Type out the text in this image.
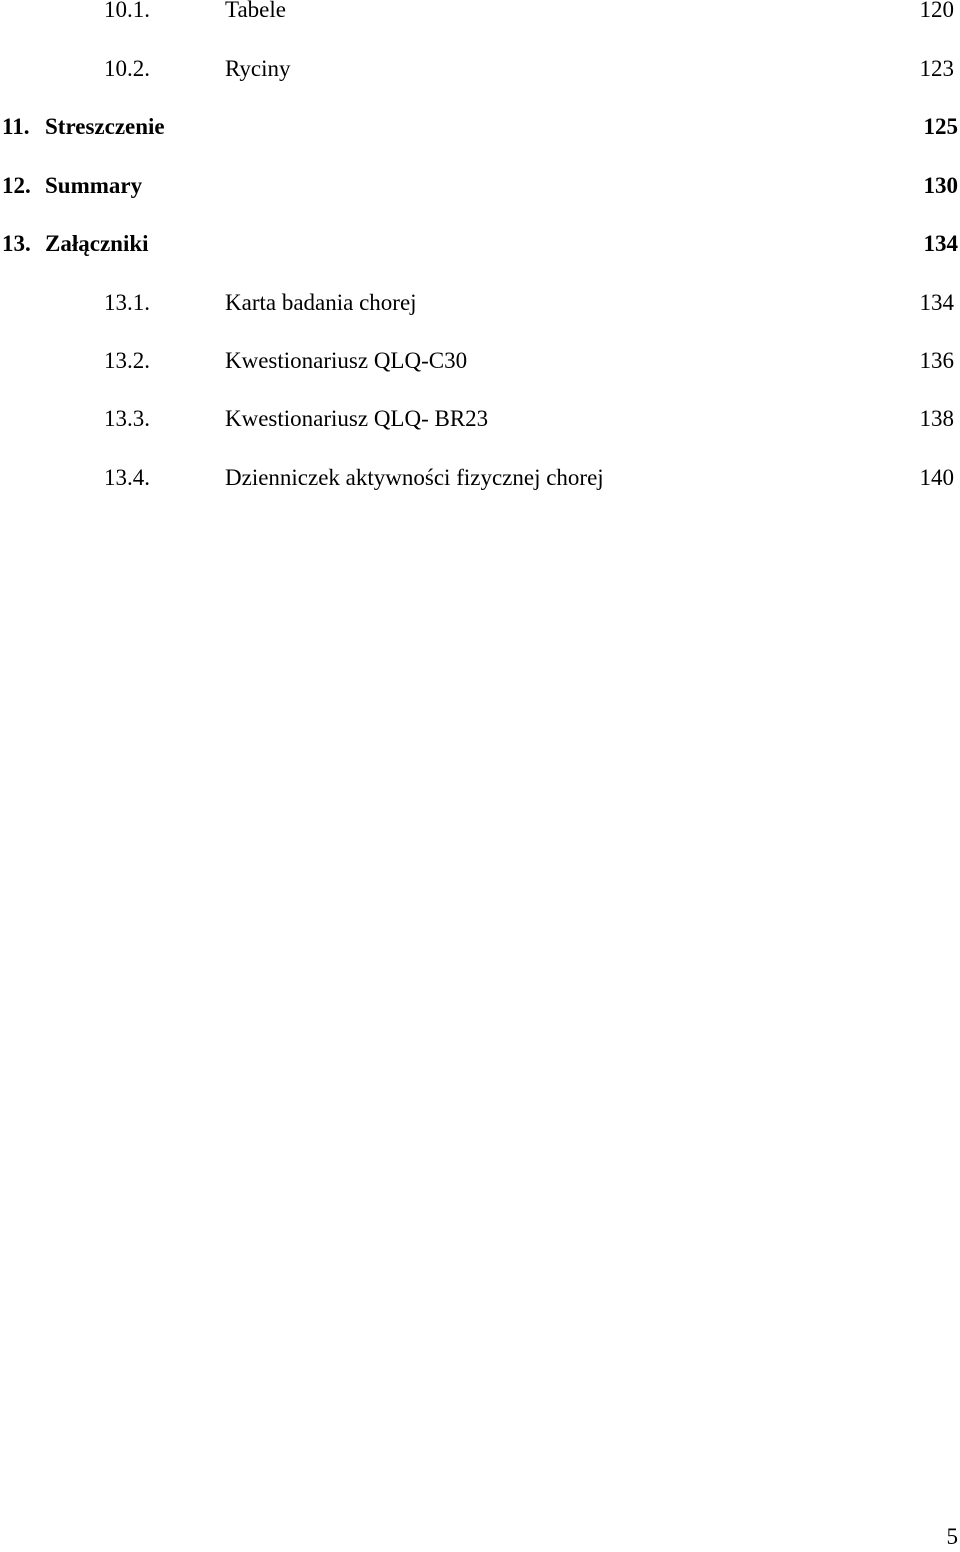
10.1.	Tabele	120
10.2.	Ryciny	123
11. Streszczenie	125
12. Summary	130
13. Załączniki	134
13.1.	Karta badania chorej	134
13.2.	Kwestionariusz QLQ-C30	136
13.3.	Kwestionariusz QLQ- BR23	138
13.4.	Dzienniczek aktywności fizycznej chorej	140
5
